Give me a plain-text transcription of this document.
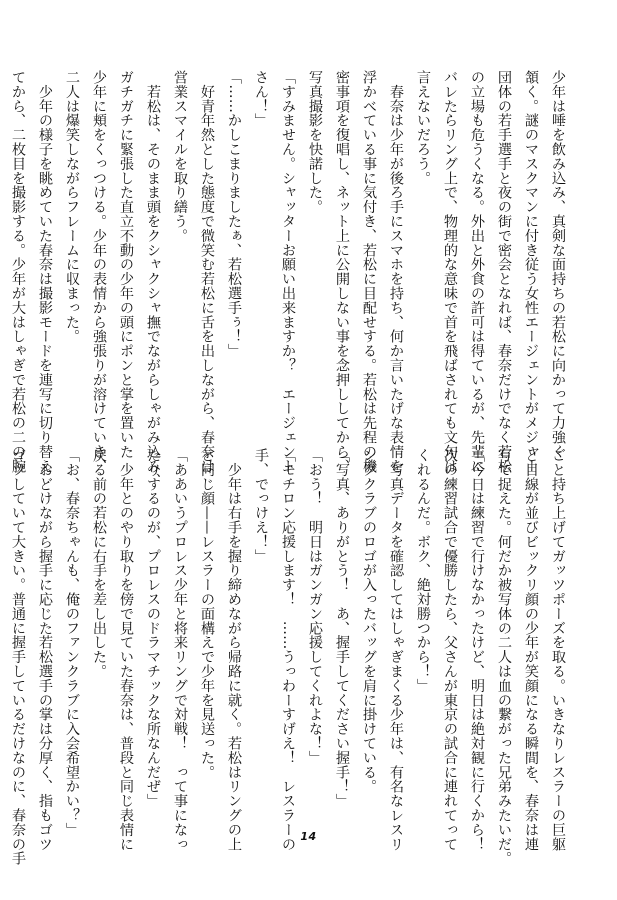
少年は唾を飲み込み、真剣な面持ちの若松に向かって力強く
頷く。謎のマスクマンに付き従う女性エージェントがメジャー
団体の若手選手と夜の街で密会となれば、春奈だけでなく若松
の立場も危うくなる。外出と外食の許可は得ているが、先輩に
バレたらリング上で、物理的な意味で首を飛ばされても文句は
言えないだろう。
　春奈は少年が後ろ手にスマホを持ち、何か言いたげな表情を
浮かべている事に気付き、若松に目配せする。若松は先程の機
密事項を復唱し、ネット上に公開しない事を念押ししてから、
写真撮影を快諾した。
「すみません。シャッターお願い出来ますか？　エージェント
さん！」
「……かしこまりましたぁ、若松選手ぅ！」
　好青年然とした態度で微笑む若松に舌を出しながら、春奈は
営業スマイルを取り繕う。
　若松は、そのまま頭をクシャクシャ撫でながらしゃがみ込み、
ガチガチに緊張した直立不動の少年の頭にポンと掌を置いた
少年に頬をくっつける。少年の表情から強張りが溶けていき、
二人は爆笑しながらフレームに収まった。
　少年の様子を眺めていた春奈は撮影モードを連写に切り替え
てから、二枚目を撮影する。少年が大はしゃぎで若松の二の腕
ごと持ち上げてガッツポーズを取る。いきなりレスラーの巨躯
と目線が並びビックリ顔の少年が笑顔になる瞬間を、春奈は連
写で捉えた。何だか被写体の二人は血の繋がった兄弟みたいだ。
「今日は練習で行けなかったけど、明日は絶対観に行くから！
次の練習試合で優勝したら、父さんが東京の試合に連れてって
くれるんだ。ボク、絶対勝つから！」
　写真データを確認してはしゃぎまくる少年は、有名なレスリ
ングクラブのロゴが入ったバッグを肩に掛けている。
「写真、ありがとう！　あ、握手してください握手！」
「おう！　明日はガンガン応援してくれよな！」
「モチロン応援します！　……うっわーすげえ！　レスラーの
手、でっけえ！」
　少年は右手を握り締めながら帰路に就く。若松はリングの上
と同じ顔——レスラーの面構えで少年を見送った。
「ああいうプロレス少年と将来リングで対戦！　って事になっ
たりするのが、プロレスのドラマチックな所なんだぜ」
　少年とのやり取りを傍で見ていた春奈は、普段と同じ表情に
戻る前の若松に右手を差し出した。
「お、春奈ちゃんも、俺のファンクラブに入会希望かい？」
　おどけながら握手に応じた若松選手の掌は分厚く、指もゴツ
ゴツしていて大きい。普通に握手しているだけなのに、春奈の手	14
